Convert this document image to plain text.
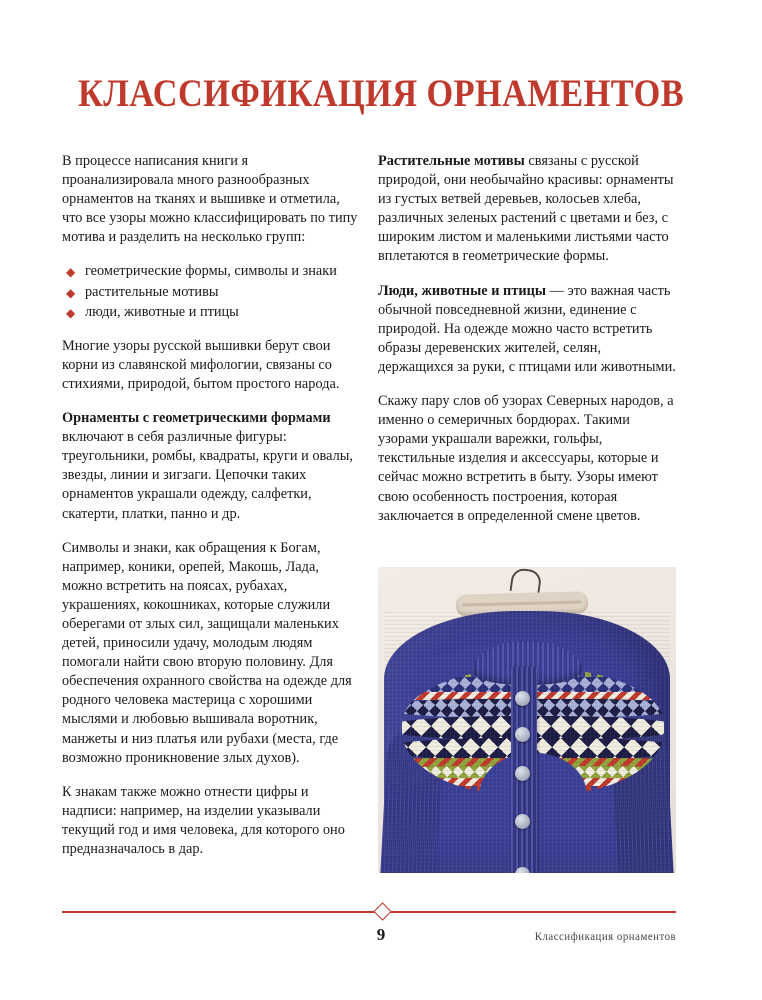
КЛАССИФИКАЦИЯ ОРНАМЕНТОВ

В процессе написания книги я проанализировала много разнообразных орнаментов на тканях и вышивке и отметила, что все узоры можно классифицировать по типу мотива и разделить на несколько групп:

◆ геометрические формы, символы и знаки
◆ растительные мотивы
◆ люди, животные и птицы

Многие узоры русской вышивки берут свои корни из славянской мифологии, связаны со стихиями, природой, бытом простого народа.

Орнаменты с геометрическими формами включают в себя различные фигуры: треугольники, ромбы, квадраты, круги и овалы, звезды, линии и зигзаги. Цепочки таких орнаментов украшали одежду, салфетки, скатерти, платки, панно и др.

Символы и знаки, как обращения к Богам, например, коники, орепей, Макошь, Лада, можно встретить на поясах, рубахах, украшениях, кокошниках, которые служили оберегами от злых сил, защищали маленьких детей, приносили удачу, молодым людям помогали найти свою вторую половину. Для обеспечения охранного свойства на одежде для родного человека мастерица с хорошими мыслями и любовью вышивала воротник, манжеты и низ платья или рубахи (места, где возможно проникновение злых духов).

К знакам также можно отнести цифры и надписи: например, на изделии указывали текущий год и имя человека, для которого оно предназначалось в дар.

Растительные мотивы связаны с русской природой, они необычайно красивы: орнаменты из густых ветвей деревьев, колосьев хлеба, различных зеленых растений с цветами и без, с широким листом и маленькими листьями часто вплетаются в геометрические формы.

Люди, животные и птицы — это важная часть обычной повседневной жизни, единение с природой. На одежде можно часто встретить образы деревенских жителей, селян, держащихся за руки, с птицами или животными.

Скажу пару слов об узорах Северных народов, а именно о семеричных бордюрах. Такими узорами украшали варежки, гольфы, текстильные изделия и аксессуары, которые и сейчас можно встретить в быту. Узоры имеют свою особенность построения, которая заключается в определенной смене цветов.

9	Классификация орнаментов
